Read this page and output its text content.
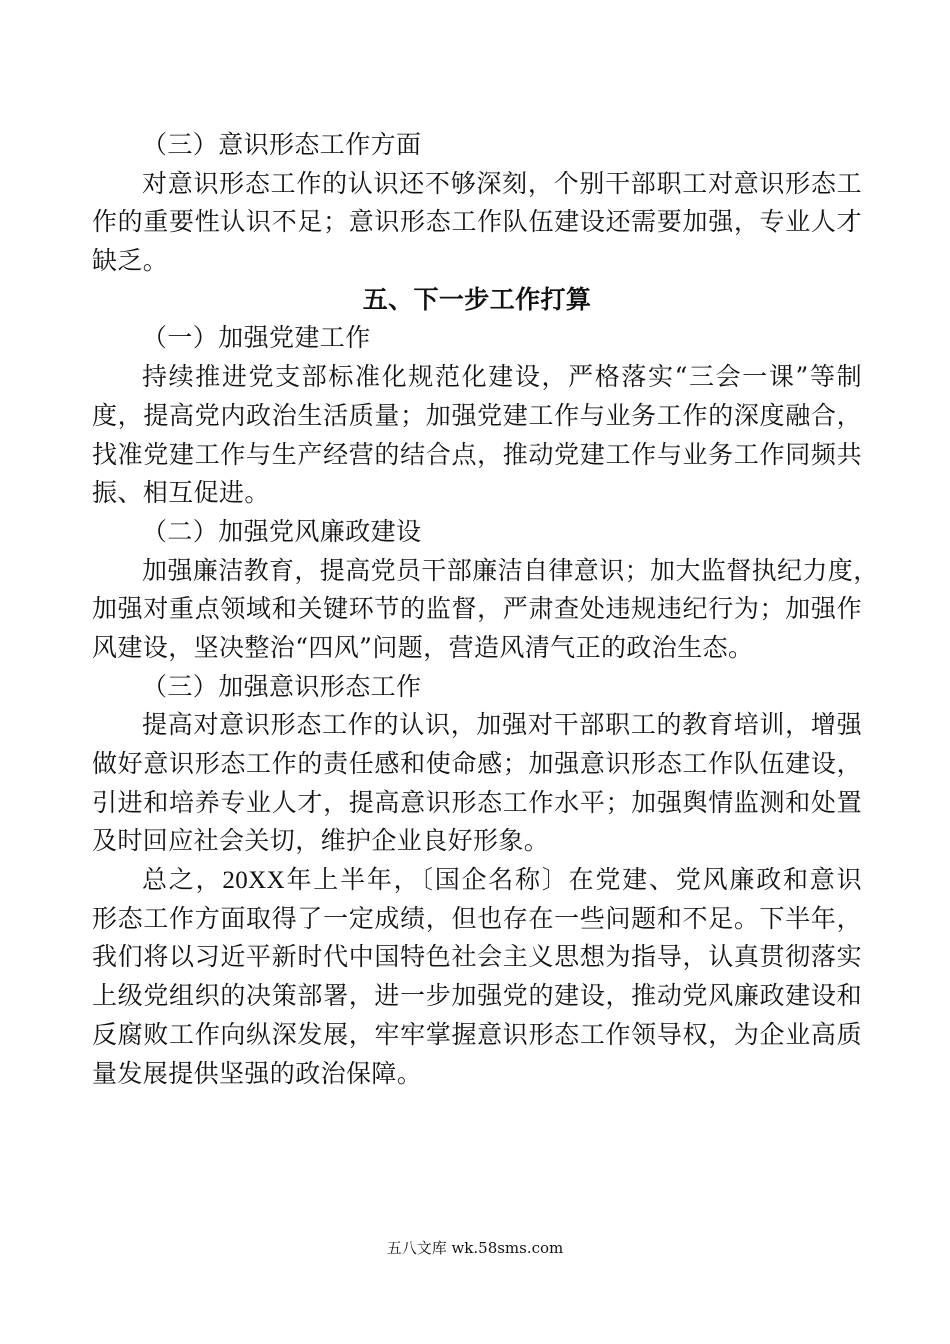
（三）意识形态工作方面
对意识形态工作的认识还不够深刻，个别干部职工对意识形态工
作的重要性认识不足；意识形态工作队伍建设还需要加强，专业人才
缺乏。
五、下一步工作打算
（一）加强党建工作
持续推进党支部标准化规范化建设，严格落实“三会一课”等制
度，提高党内政治生活质量；加强党建工作与业务工作的深度融合，
找准党建工作与生产经营的结合点，推动党建工作与业务工作同频共
振、相互促进。
（二）加强党风廉政建设
加强廉洁教育，提高党员干部廉洁自律意识；加大监督执纪力度，
加强对重点领域和关键环节的监督，严肃查处违规违纪行为；加强作
风建设，坚决整治“四风”问题，营造风清气正的政治生态。
（三）加强意识形态工作
提高对意识形态工作的认识，加强对干部职工的教育培训，增强
做好意识形态工作的责任感和使命感；加强意识形态工作队伍建设，
引进和培养专业人才，提高意识形态工作水平；加强舆情监测和处置
及时回应社会关切，维护企业良好形象。
总之，20XX年上半年，〔国企名称〕在党建、党风廉政和意识
形态工作方面取得了一定成绩，但也存在一些问题和不足。下半年，
我们将以习近平新时代中国特色社会主义思想为指导，认真贯彻落实
上级党组织的决策部署，进一步加强党的建设，推动党风廉政建设和
反腐败工作向纵深发展，牢牢掌握意识形态工作领导权，为企业高质
量发展提供坚强的政治保障。
五八文库 wk.58sms.com
